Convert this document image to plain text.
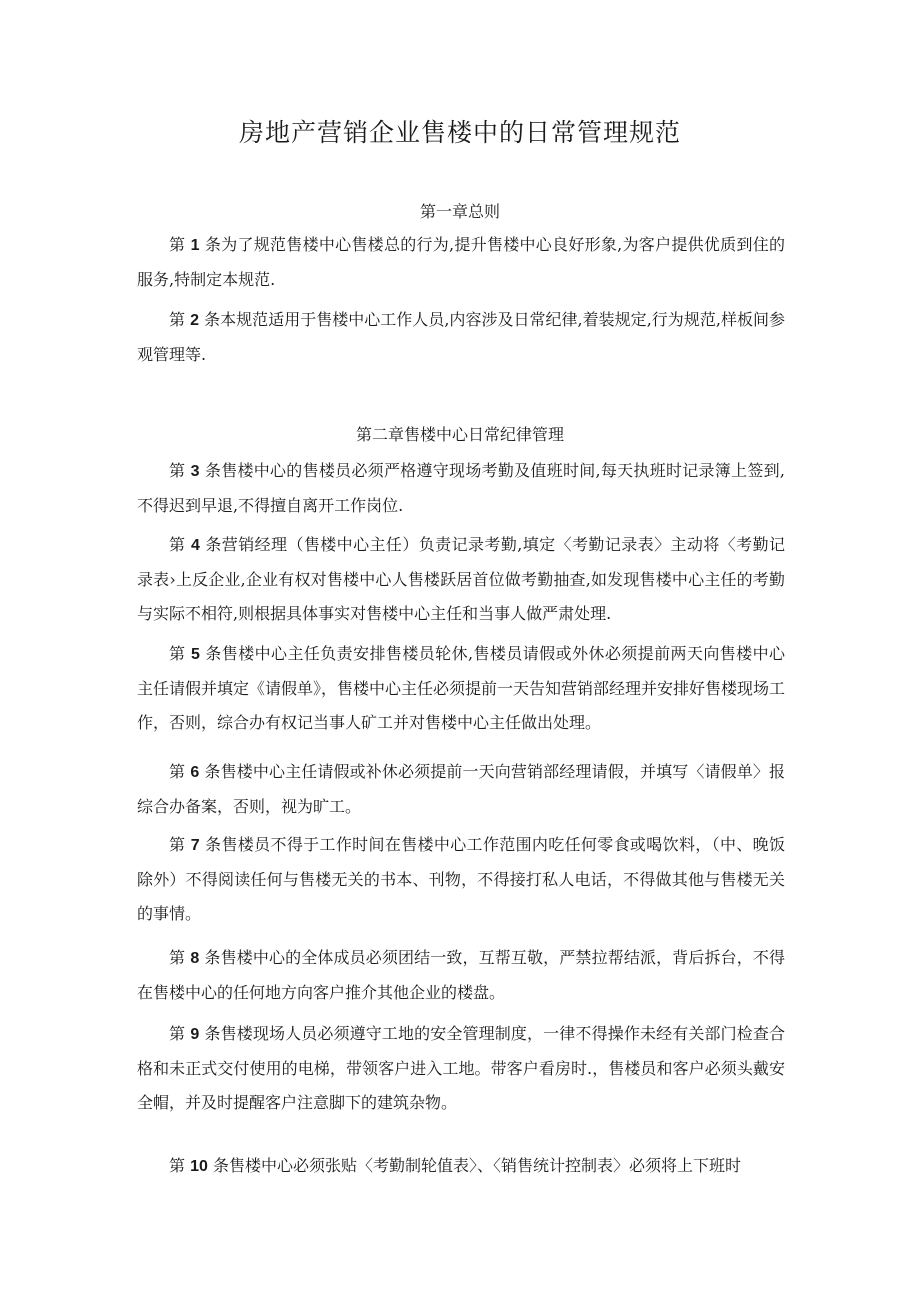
房地产营销企业售楼中的日常管理规范
第一章总则

第 1 条为了规范售楼中心售楼总的行为,提升售楼中心良好形象,为客户提供优质到住的服务,特制定本规范.

第 2 条本规范适用于售楼中心工作人员,内容涉及日常纪律,着装规定,行为规范,样板间参观管理等.

第二章售楼中心日常纪律管理

第 3 条售楼中心的售楼员必须严格遵守现场考勤及值班时间,每天执班时记录簿上签到,不得迟到早退,不得擅自离开工作岗位.

第 4 条营销经理（售楼中心主任）负责记录考勤,填定〈考勤记录表〉主动将〈考勤记录表›上反企业,企业有权对售楼中心人售楼跃居首位做考勤抽查,如发现售楼中心主任的考勤与实际不相符,则根据具体事实对售楼中心主任和当事人做严肃处理.

第 5 条售楼中心主任负责安排售楼员轮休,售楼员请假或外休必须提前两天向售楼中心主任请假并填定《请假单》，售楼中心主任必须提前一天告知营销部经理并安排好售楼现场工作，否则，综合办有权记当事人矿工并对售楼中心主任做出处理。

第 6 条售楼中心主任请假或补休必须提前一天向营销部经理请假，并填写〈请假单〉报综合办备案，否则，视为旷工。

第 7 条售楼员不得于工作时间在售楼中心工作范围内吃任何零食或喝饮料，（中、晚饭除外）不得阅读任何与售楼无关的书本、刊物，不得接打私人电话，不得做其他与售楼无关的事情。

第 8 条售楼中心的全体成员必须团结一致，互帮互敬，严禁拉帮结派，背后拆台，不得在售楼中心的任何地方向客户推介其他企业的楼盘。

第 9 条售楼现场人员必须遵守工地的安全管理制度，一律不得操作未经有关部门检查合格和未正式交付使用的电梯，带领客户进入工地。带客户看房时.，售楼员和客户必须头戴安全帽，并及时提醒客户注意脚下的建筑杂物。

第 10 条售楼中心必须张贴〈考勤制轮值表〉、〈销售统计控制表〉必须将上下班时
